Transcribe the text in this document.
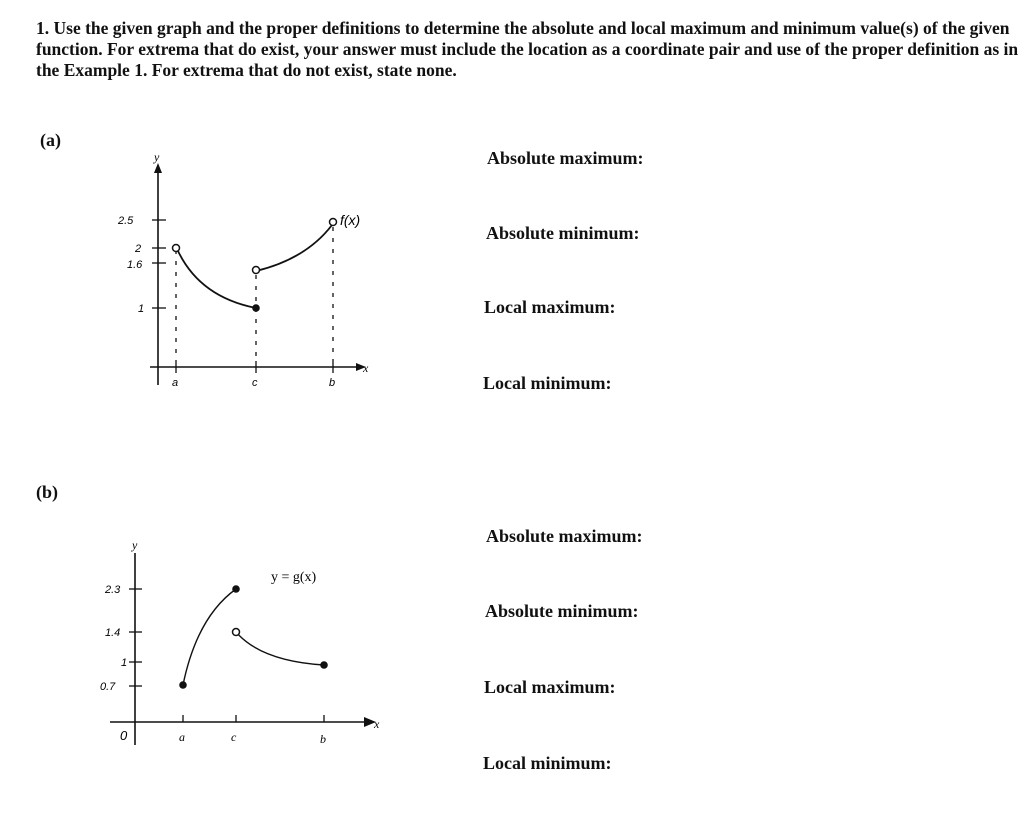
1. Use the given graph and the proper definitions to determine the absolute and local maximum and minimum value(s) of the given function. For extrema that do exist, your answer must include the location as a coordinate pair and use of the proper definition as in the Example 1. For extrema that do not exist, state none.
(a)
y
x
2.5
2
1.6
1
a	c	b
f(x)
Absolute maximum:
Absolute minimum:
Local maximum:
Local minimum:
(b)
y
x
0
2.3
1.4
1
0.7
a	c	b
y = g(x)
Absolute maximum:
Absolute minimum:
Local maximum:
Local minimum:
